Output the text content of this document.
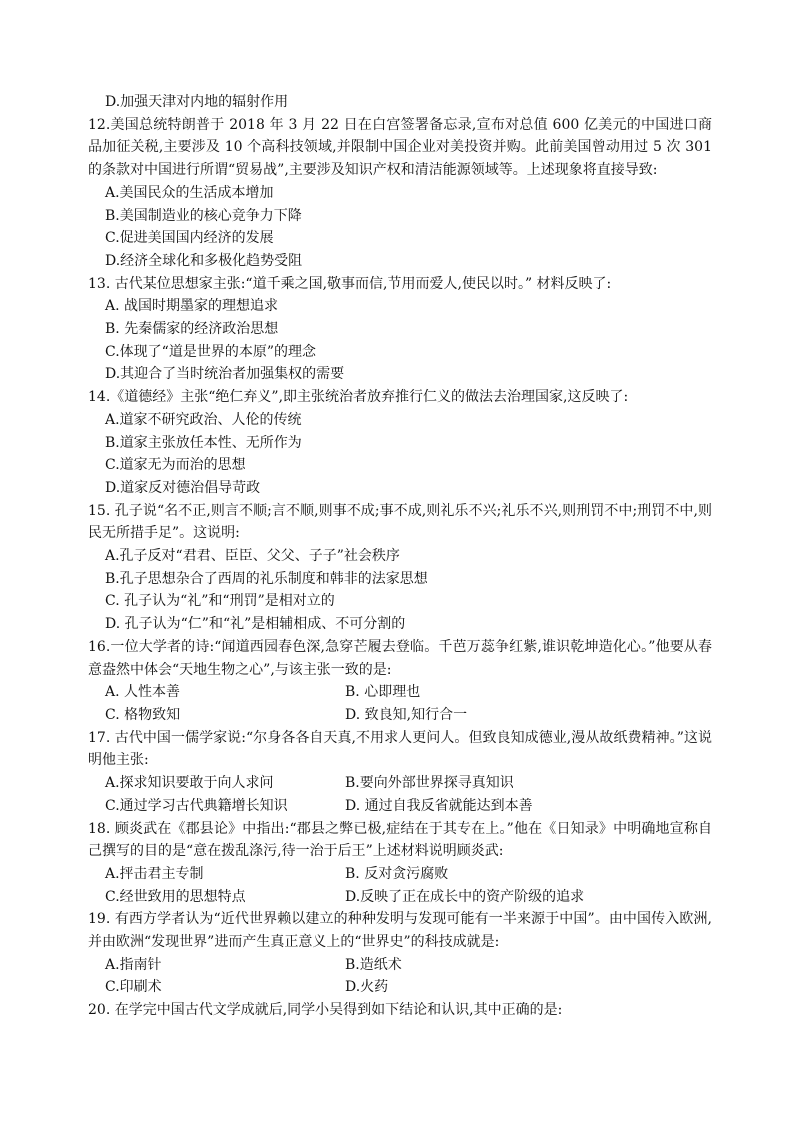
D.加强天津对内地的辐射作用
12.美国总统特朗普于 2018 年 3 月 22 日在白宫签署备忘录,宣布对总值 600 亿美元的中国进口商品加征关税,主要涉及 10 个高科技领域,并限制中国企业对美投资并购。此前美国曾动用过 5 次 301 的条款对中国进行所谓“贸易战”,主要涉及知识产权和清洁能源领域等。上述现象将直接导致:
A.美国民众的生活成本增加
B.美国制造业的核心竞争力下降
C.促进美国国内经济的发展
D.经济全球化和多极化趋势受阻
13. 古代某位思想家主张:“道千乘之国,敬事而信,节用而爱人,使民以时。” 材料反映了:
A. 战国时期墨家的理想追求
B. 先秦儒家的经济政治思想
C.体现了“道是世界的本原”的理念
D.其迎合了当时统治者加强集权的需要
14.《道德经》主张“绝仁弃义”,即主张统治者放弃推行仁义的做法去治理国家,这反映了:
A.道家不研究政治、人伦的传统
B.道家主张放任本性、无所作为
C.道家无为而治的思想
D.道家反对德治倡导苛政
15. 孔子说“名不正,则言不顺;言不顺,则事不成;事不成,则礼乐不兴;礼乐不兴,则刑罚不中;刑罚不中,则民无所措手足”。这说明:
A.孔子反对“君君、臣臣、父父、子子”社会秩序
B.孔子思想杂合了西周的礼乐制度和韩非的法家思想
C. 孔子认为“礼”和“刑罚”是相对立的
D. 孔子认为“仁”和“礼”是相辅相成、不可分割的
16.一位大学者的诗:“闻道西园春色深,急穿芒履去登临。千芭万蕊争红紫,谁识乾坤造化心。”他要从春意盎然中体会“天地生物之心”,与该主张一致的是:
A. 人性本善	B. 心即理也
C. 格物致知	D. 致良知,知行合一
17. 古代中国一儒学家说:“尔身各各自天真,不用求人更问人。但致良知成德业,漫从故纸费精神。”这说明他主张:
A.探求知识要敢于向人求问	B.要向外部世界探寻真知识
C.通过学习古代典籍增长知识	D. 通过自我反省就能达到本善
18. 顾炎武在《郡县论》中指出:“郡县之弊已极,症结在于其专在上。”他在《日知录》中明确地宣称自己撰写的目的是“意在拨乱涤污,待一治于后王”上述材料说明顾炎武:
A.抨击君主专制	B. 反对贪污腐败
C.经世致用的思想特点	D.反映了正在成长中的资产阶级的追求
19. 有西方学者认为“近代世界赖以建立的种种发明与发现可能有一半来源于中国”。由中国传入欧洲,并由欧洲“发现世界”进而产生真正意义上的“世界史”的科技成就是:
A.指南针	B.造纸术
C.印刷术	D.火药
20. 在学完中国古代文学成就后,同学小吴得到如下结论和认识,其中正确的是:
